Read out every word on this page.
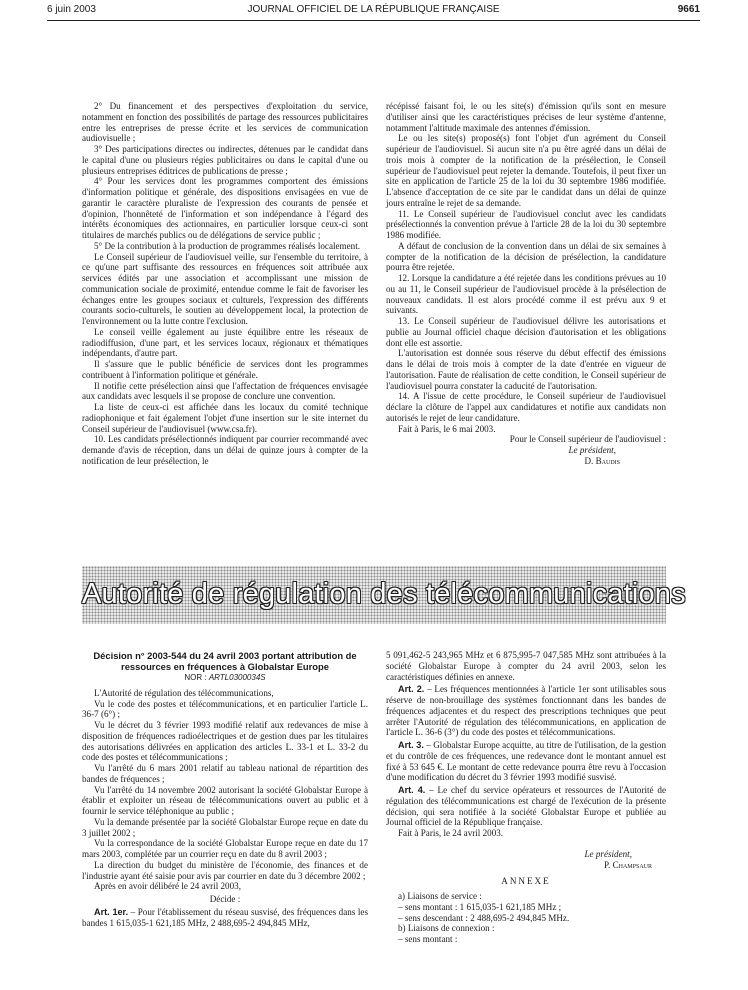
6 juin 2003	JOURNAL OFFICIEL DE LA RÉPUBLIQUE FRANÇAISE	9661

2° Du financement et des perspectives d'exploitation du service, notamment en fonction des possibilités de partage des ressources publicitaires entre les entreprises de presse écrite et les services de communication audiovisuelle ;

3° Des participations directes ou indirectes, détenues par le candidat dans le capital d'une ou plusieurs régies publicitaires ou dans le capital d'une ou plusieurs entreprises éditrices de publications de presse ;

4° Pour les services dont les programmes comportent des émissions d'information politique et générale, des dispositions envisagées en vue de garantir le caractère pluraliste de l'expression des courants de pensée et d'opinion, l'honnêteté de l'information et son indépendance à l'égard des intérêts économiques des actionnaires, en particulier lorsque ceux-ci sont titulaires de marchés publics ou de délégations de service public ;

5° De la contribution à la production de programmes réalisés localement.

Le Conseil supérieur de l'audiovisuel veille, sur l'ensemble du territoire, à ce qu'une part suffisante des ressources en fréquences soit attribuée aux services édités par une association et accomplissant une mission de communication sociale de proximité, entendue comme le fait de favoriser les échanges entre les groupes sociaux et culturels, l'expression des différents courants socio-culturels, le soutien au développement local, la protection de l'environnement ou la lutte contre l'exclusion.

Le conseil veille également au juste équilibre entre les réseaux de radiodiffusion, d'une part, et les services locaux, régionaux et thématiques indépendants, d'autre part.

Il s'assure que le public bénéficie de services dont les programmes contribuent à l'information politique et générale.

Il notifie cette présélection ainsi que l'affectation de fréquences envisagée aux candidats avec lesquels il se propose de conclure une convention.

La liste de ceux-ci est affichée dans les locaux du comité technique radiophonique et fait également l'objet d'une insertion sur le site internet du Conseil supérieur de l'audiovisuel (www.csa.fr).

10. Les candidats présélectionnés indiquent par courrier recommandé avec demande d'avis de réception, dans un délai de quinze jours à compter de la notification de leur présélection, le

récépissé faisant foi, le ou les site(s) d'émission qu'ils sont en mesure d'utiliser ainsi que les caractéristiques précises de leur système d'antenne, notamment l'altitude maximale des antennes d'émission.

Le ou les site(s) proposé(s) font l'objet d'un agrément du Conseil supérieur de l'audiovisuel. Si aucun site n'a pu être agréé dans un délai de trois mois à compter de la notification de la présélection, le Conseil supérieur de l'audiovisuel peut rejeter la demande. Toutefois, il peut fixer un site en application de l'article 25 de la loi du 30 septembre 1986 modifiée. L'absence d'acceptation de ce site par le candidat dans un délai de quinze jours entraîne le rejet de sa demande.

11. Le Conseil supérieur de l'audiovisuel conclut avec les candidats présélectionnés la convention prévue à l'article 28 de la loi du 30 septembre 1986 modifiée.

A défaut de conclusion de la convention dans un délai de six semaines à compter de la notification de la décision de présélection, la candidature pourra être rejetée.

12. Lorsque la candidature a été rejetée dans les conditions prévues au 10 ou au 11, le Conseil supérieur de l'audiovisuel procède à la présélection de nouveaux candidats. Il est alors procédé comme il est prévu aux 9 et suivants.

13. Le Conseil supérieur de l'audiovisuel délivre les autorisations et publie au Journal officiel chaque décision d'autorisation et les obligations dont elle est assortie.

L'autorisation est donnée sous réserve du début effectif des émissions dans le délai de trois mois à compter de la date d'entrée en vigueur de l'autorisation. Faute de réalisation de cette condition, le Conseil supérieur de l'audiovisuel pourra constater la caducité de l'autorisation.

14. A l'issue de cette procédure, le Conseil supérieur de l'audiovisuel déclare la clôture de l'appel aux candidatures et notifie aux candidats non autorisés le rejet de leur candidature.

Fait à Paris, le 6 mai 2003.

Pour le Conseil supérieur de l'audiovisuel :

Le président,

D. Baudis

Autorité de régulation des télécommunications
Décision n° 2003-544 du 24 avril 2003 portant attribution de ressources en fréquences à Globalstar Europe
NOR : ARTL0300034S

L'Autorité de régulation des télécommunications,

Vu le code des postes et télécommunications, et en particulier l'article L. 36-7 (6°) ;

Vu le décret du 3 février 1993 modifié relatif aux redevances de mise à disposition de fréquences radioélectriques et de gestion dues par les titulaires des autorisations délivrées en application des articles L. 33-1 et L. 33-2 du code des postes et télécommunications ;

Vu l'arrêté du 6 mars 2001 relatif au tableau national de répartition des bandes de fréquences ;

Vu l'arrêté du 14 novembre 2002 autorisant la société Globalstar Europe à établir et exploiter un réseau de télécommunications ouvert au public et à fournir le service téléphonique au public ;

Vu la demande présentée par la société Globalstar Europe reçue en date du 3 juillet 2002 ;

Vu la correspondance de la société Globalstar Europe reçue en date du 17 mars 2003, complétée par un courrier reçu en date du 8 avril 2003 ;

La direction du budget du ministère de l'économie, des finances et de l'industrie ayant été saisie pour avis par courrier en date du 3 décembre 2002 ;

Après en avoir délibéré le 24 avril 2003,

Décide :

Art. 1er. – Pour l'établissement du réseau susvisé, des fréquences dans les bandes 1 615,035-1 621,185 MHz, 2 488,695-2 494,845 MHz,

5 091,462-5 243,965 MHz et 6 875,995-7 047,585 MHz sont attribuées à la société Globalstar Europe à compter du 24 avril 2003, selon les caractéristiques définies en annexe.

Art. 2. – Les fréquences mentionnées à l'article 1er sont utilisables sous réserve de non-brouillage des systèmes fonctionnant dans les bandes de fréquences adjacentes et du respect des prescriptions techniques que peut arrêter l'Autorité de régulation des télécommunications, en application de l'article L. 36-6 (3°) du code des postes et télécommunications.

Art. 3. – Globalstar Europe acquitte, au titre de l'utilisation, de la gestion et du contrôle de ces fréquences, une redevance dont le montant annuel est fixé à 53 645 €. Le montant de cette redevance pourra être revu à l'occasion d'une modification du décret du 3 février 1993 modifié susvisé.

Art. 4. – Le chef du service opérateurs et ressources de l'Autorité de régulation des télécommunications est chargé de l'exécution de la présente décision, qui sera notifiée à la société Globalstar Europe et publiée au Journal officiel de la République française.

Fait à Paris, le 24 avril 2003.

Le président,

P. Champsaur

ANNEXE

a) Liaisons de service :

– sens montant : 1 615,035-1 621,185 MHz ;

– sens descendant : 2 488,695-2 494,845 MHz.

b) Liaisons de connexion :

– sens montant :
